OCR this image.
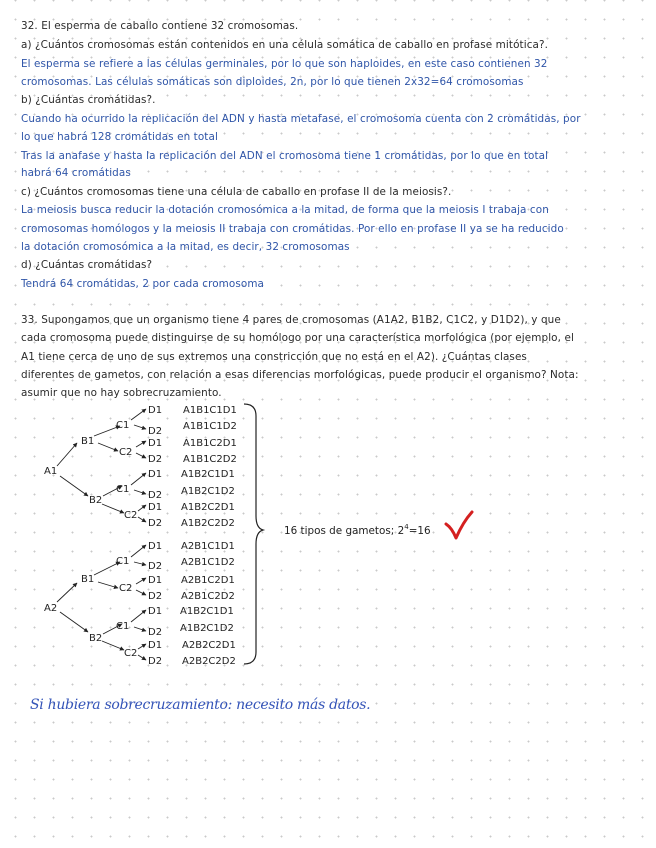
32. El esperma de caballo contiene 32 cromosomas.
a) ¿Cuántos cromosomas están contenidos en una célula somática de caballo en profase mitótica?.
El esperma se refiere a las células germinales, por lo que son haploides, en este caso contienen 32
cromosomas. Las células somáticas son diploides, 2n, por lo que tienen 2x32=64 cromosomas
b) ¿Cuántas cromátidas?.
Cuando ha ocurrido la replicación del ADN y hasta metafase, el cromosoma cuenta con 2 cromátidas, por
lo que habrá 128 cromátidas en total
Tras la anafase y hasta la replicación del ADN el cromosoma tiene 1 cromátidas, por lo que en total
habrá 64 cromátidas
c) ¿Cuántos cromosomas tiene una célula de caballo en profase II de la meiosis?.
La meiosis busca reducir la dotación cromosómica a la mitad, de forma que la meiosis I trabaja con
cromosomas homólogos y la meiosis II trabaja con cromátidas. Por ello en profase II ya se ha reducido
la dotación cromosómica a la mitad, es decir, 32 cromosomas
d) ¿Cuántas cromátidas?
Tendrá 64 cromátidas, 2 por cada cromosoma
33. Supongamos que un organismo tiene 4 pares de cromosomas (A1A2, B1B2, C1C2, y D1D2), y que
cada cromosoma puede distinguirse de su homólogo por una característica morfológica (por ejemplo, el
A1 tiene cerca de uno de sus extremos una constricción que no está en el A2). ¿Cuántas clases
diferentes de gametos, con relación a esas diferencias morfológicas, puede producir el organismo? Nota:
asumir que no hay sobrecruzamiento.
A1
A2
B1
B2
B1
B2
C1
C2
C1
C2
C1
C2
C1
C2
D1
D2
D1
D2
D1
D2
D1
D2
D1
D2
D1
D2
D1
D2
D1
D2
A1B1C1D1
A1B1C1D2
A1B1C2D1
A1B1C2D2
A1B2C1D1
A1B2C1D2
A1B2C2D1
A1B2C2D2
A2B1C1D1
A2B1C1D2
A2B1C2D1
A2B1C2D2
A1B2C1D1
A1B2C1D2
A2B2C2D1
A2B2C2D2
16 tipos de gametos; $2^4=16$
Si hubiera sobrecruzamiento: necesito más datos.
